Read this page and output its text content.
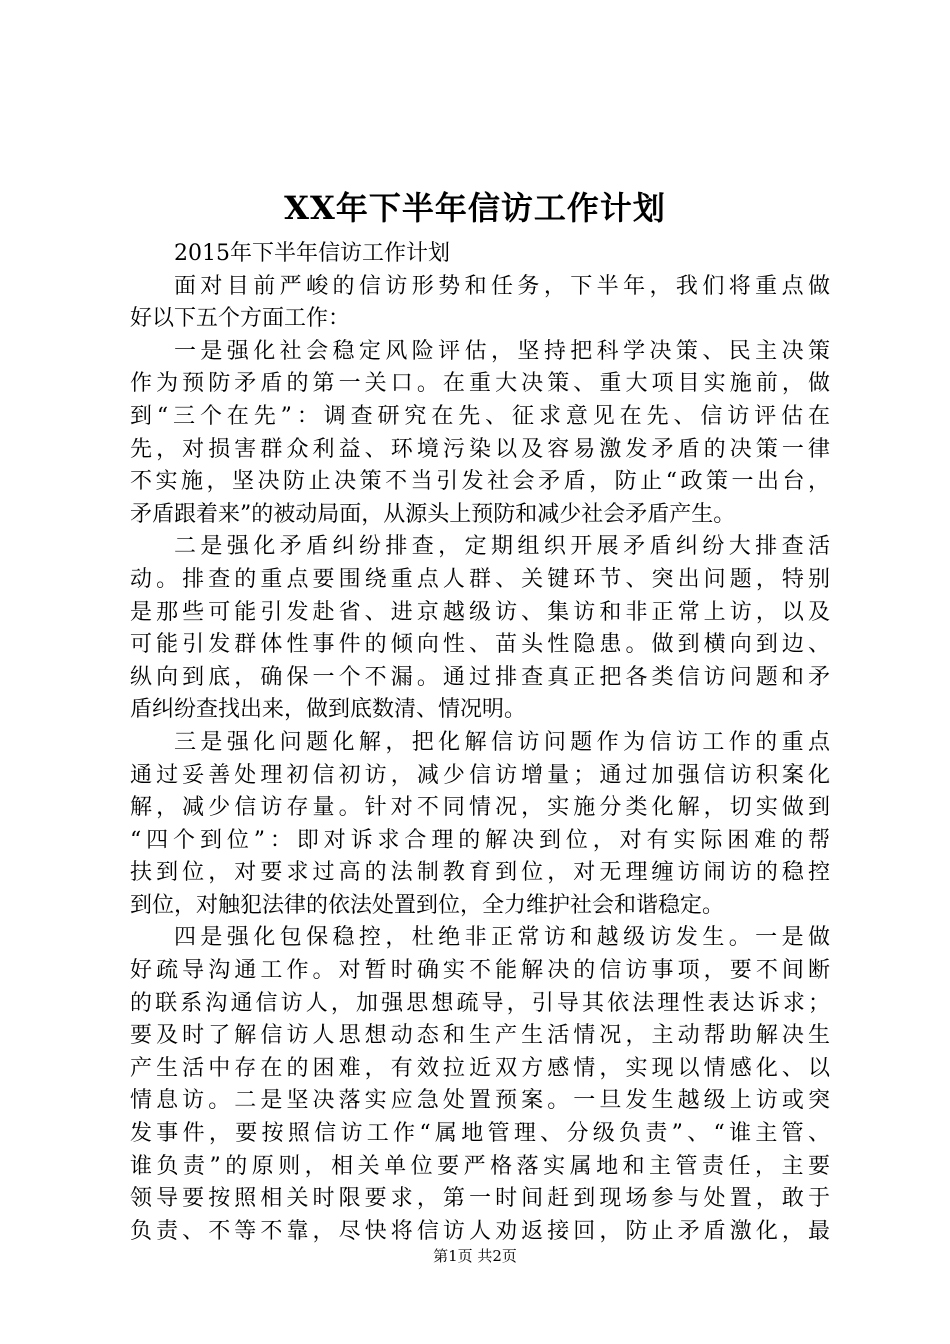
XX年下半年信访工作计划
2015年下半年信访工作计划
面对目前严峻的信访形势和任务，下半年，我们将重点做
好以下五个方面工作：
一是强化社会稳定风险评估，坚持把科学决策、民主决策
作为预防矛盾的第一关口。在重大决策、重大项目实施前，做
到“三个在先”：调查研究在先、征求意见在先、信访评估在
先，对损害群众利益、环境污染以及容易激发矛盾的决策一律
不实施，坚决防止决策不当引发社会矛盾，防止“政策一出台，
矛盾跟着来”的被动局面，从源头上预防和减少社会矛盾产生。
二是强化矛盾纠纷排查，定期组织开展矛盾纠纷大排查活
动。排查的重点要围绕重点人群、关键环节、突出问题，特别
是那些可能引发赴省、进京越级访、集访和非正常上访，以及
可能引发群体性事件的倾向性、苗头性隐患。做到横向到边、
纵向到底，确保一个不漏。通过排查真正把各类信访问题和矛
盾纠纷查找出来，做到底数清、情况明。
三是强化问题化解，把化解信访问题作为信访工作的重点
通过妥善处理初信初访，减少信访增量；通过加强信访积案化
解，减少信访存量。针对不同情况，实施分类化解，切实做到
“四个到位”：即对诉求合理的解决到位，对有实际困难的帮
扶到位，对要求过高的法制教育到位，对无理缠访闹访的稳控
到位，对触犯法律的依法处置到位，全力维护社会和谐稳定。
四是强化包保稳控，杜绝非正常访和越级访发生。一是做
好疏导沟通工作。对暂时确实不能解决的信访事项，要不间断
的联系沟通信访人，加强思想疏导，引导其依法理性表达诉求；
要及时了解信访人思想动态和生产生活情况，主动帮助解决生
产生活中存在的困难，有效拉近双方感情，实现以情感化、以
情息访。二是坚决落实应急处置预案。一旦发生越级上访或突
发事件，要按照信访工作“属地管理、分级负责”、“谁主管、
谁负责”的原则，相关单位要严格落实属地和主管责任，主要
领导要按照相关时限要求，第一时间赶到现场参与处置，敢于
负责、不等不靠，尽快将信访人劝返接回，防止矛盾激化，最
第1页 共2页
